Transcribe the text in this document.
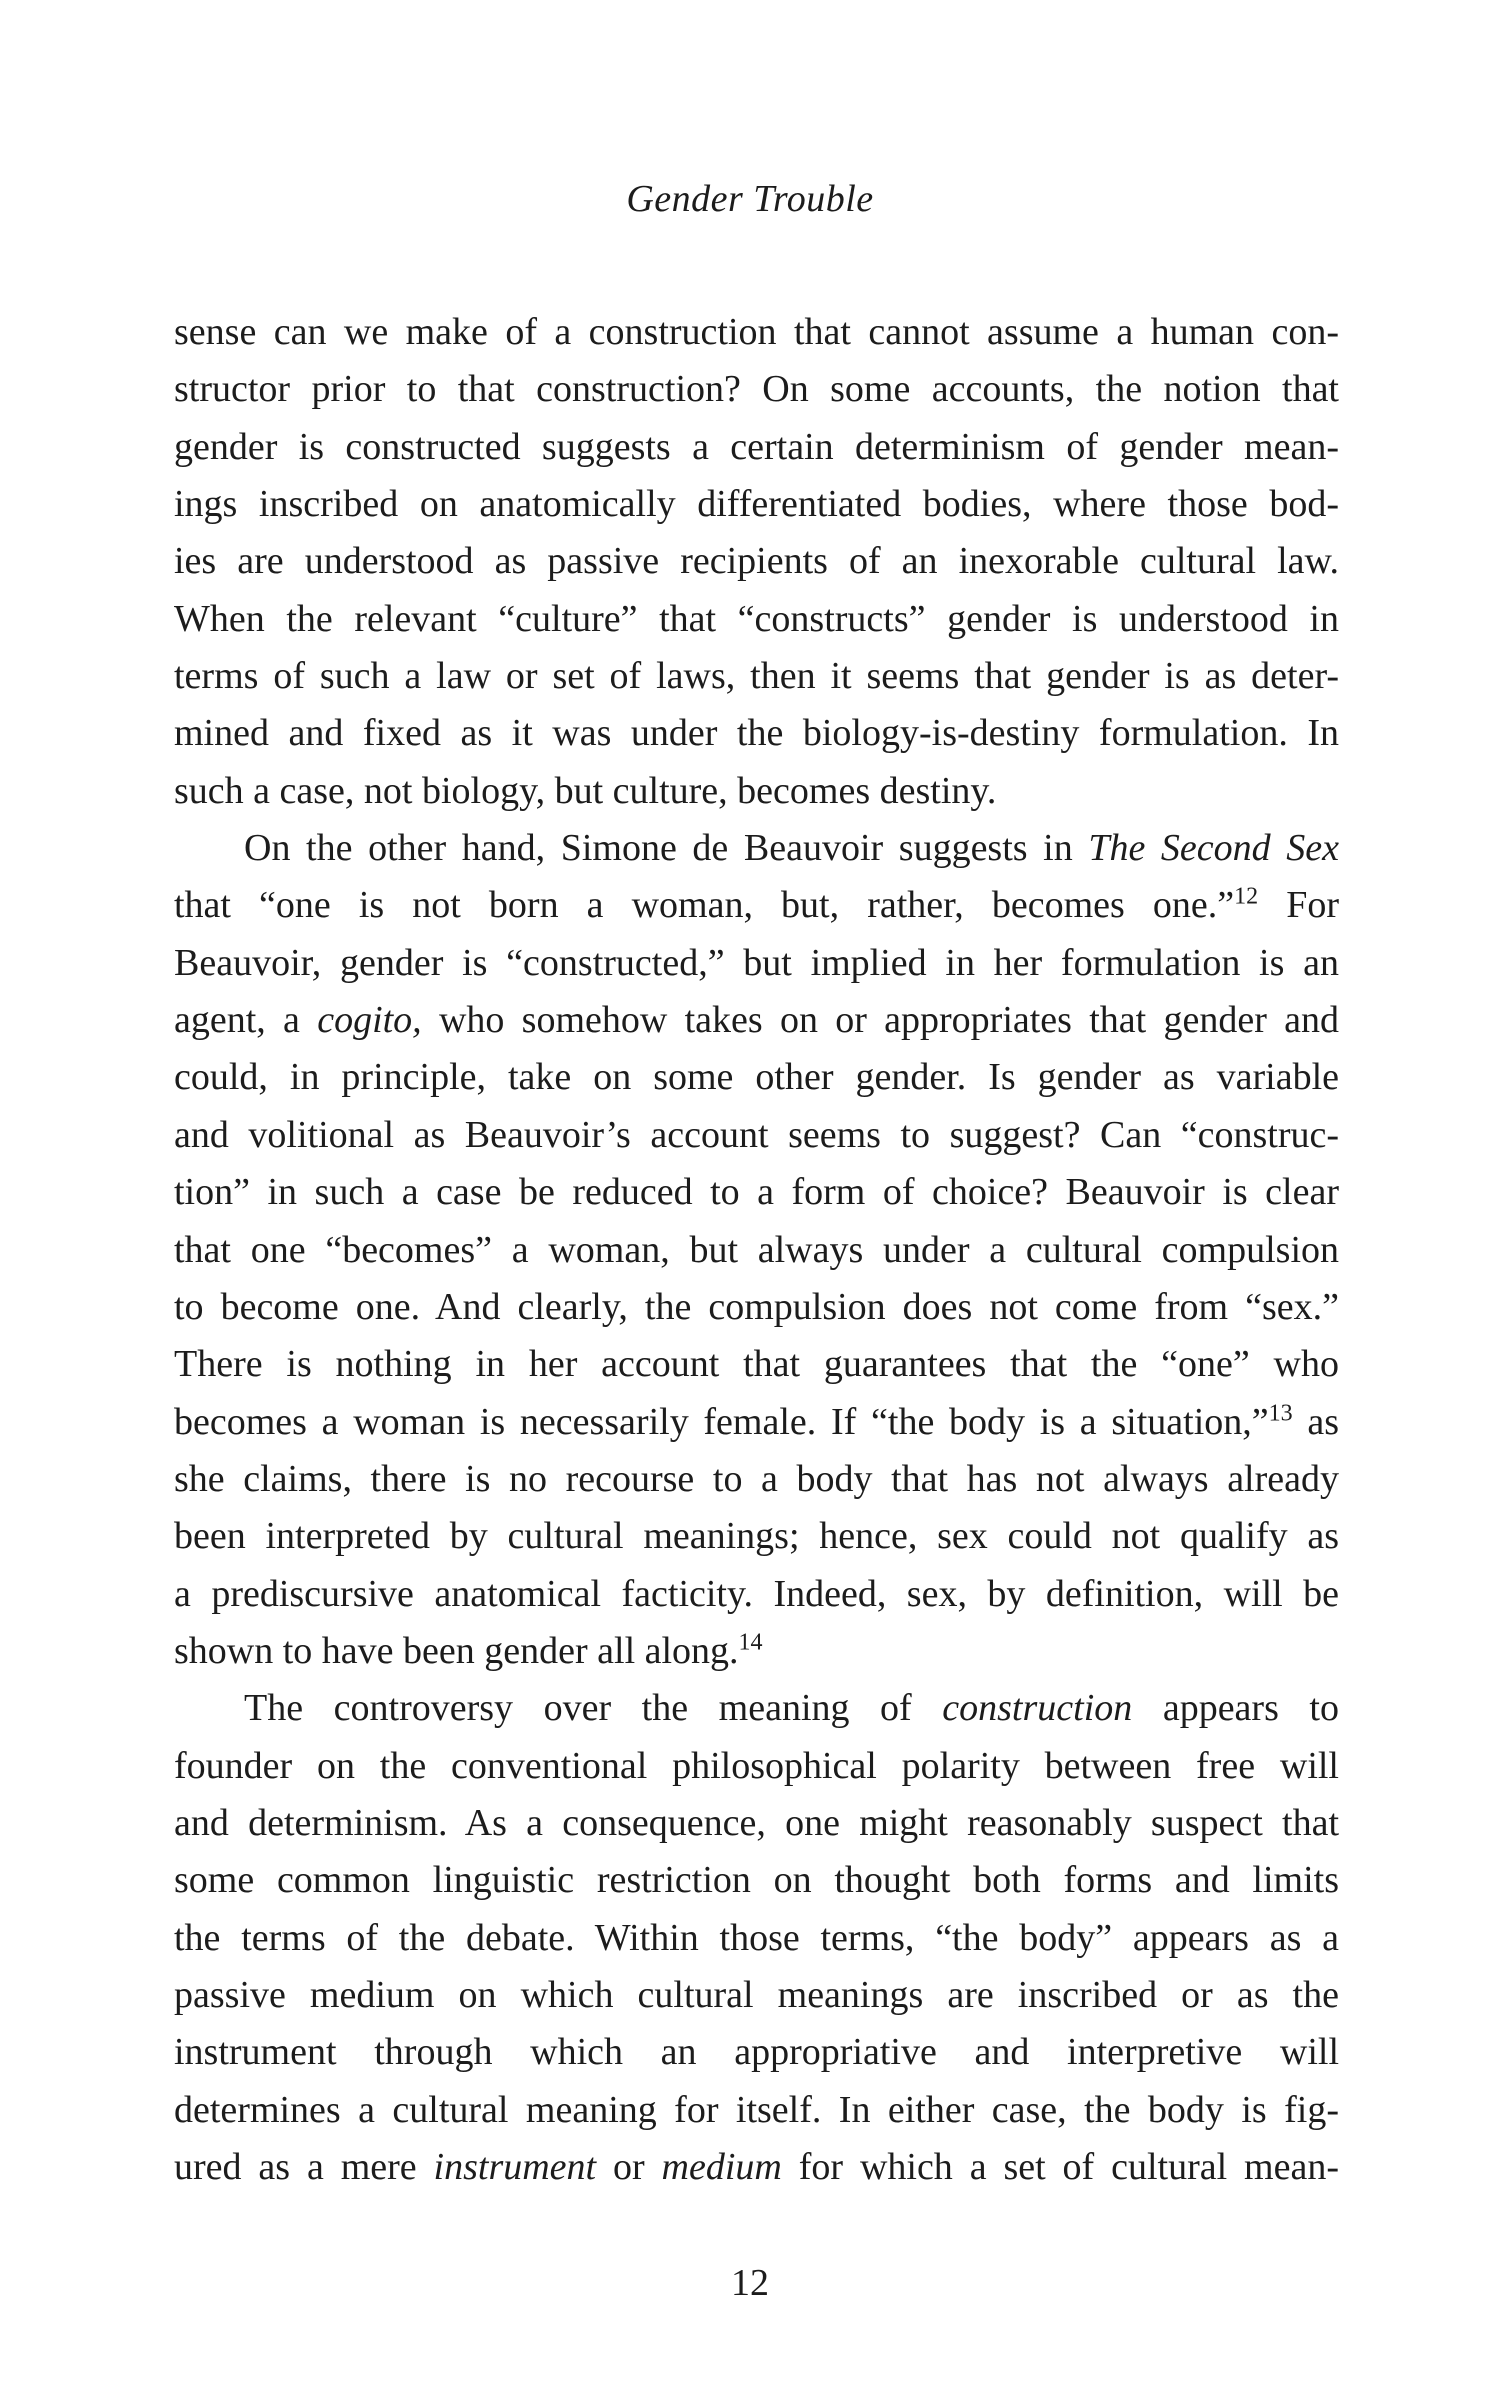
Gender Trouble
sense can we make of a construction that cannot assume a human con-
structor prior to that construction? On some accounts, the notion that
gender is constructed suggests a certain determinism of gender mean-
ings inscribed on anatomically differentiated bodies, where those bod-
ies are understood as passive recipients of an inexorable cultural law.
When the relevant “culture” that “constructs” gender is understood in
terms of such a law or set of laws, then it seems that gender is as deter-
mined and fixed as it was under the biology-is-destiny formulation. In
such a case, not biology, but culture, becomes destiny.
On the other hand, Simone de Beauvoir suggests in The Second Sex
that “one is not born a woman, but, rather, becomes one.”$^{12}$ For
Beauvoir, gender is “constructed,” but implied in her formulation is an
agent, a cogito, who somehow takes on or appropriates that gender and
could, in principle, take on some other gender. Is gender as variable
and volitional as Beauvoir’s account seems to suggest? Can “construc-
tion” in such a case be reduced to a form of choice? Beauvoir is clear
that one “becomes” a woman, but always under a cultural compulsion
to become one. And clearly, the compulsion does not come from “sex.”
There is nothing in her account that guarantees that the “one” who
becomes a woman is necessarily female. If “the body is a situation,”$^{13}$ as
she claims, there is no recourse to a body that has not always already
been interpreted by cultural meanings; hence, sex could not qualify as
a prediscursive anatomical facticity. Indeed, sex, by definition, will be
shown to have been gender all along.$^{14}$
The controversy over the meaning of construction appears to
founder on the conventional philosophical polarity between free will
and determinism. As a consequence, one might reasonably suspect that
some common linguistic restriction on thought both forms and limits
the terms of the debate. Within those terms, “the body” appears as a
passive medium on which cultural meanings are inscribed or as the
instrument through which an appropriative and interpretive will
determines a cultural meaning for itself. In either case, the body is fig-
ured as a mere instrument or medium for which a set of cultural mean-
12
